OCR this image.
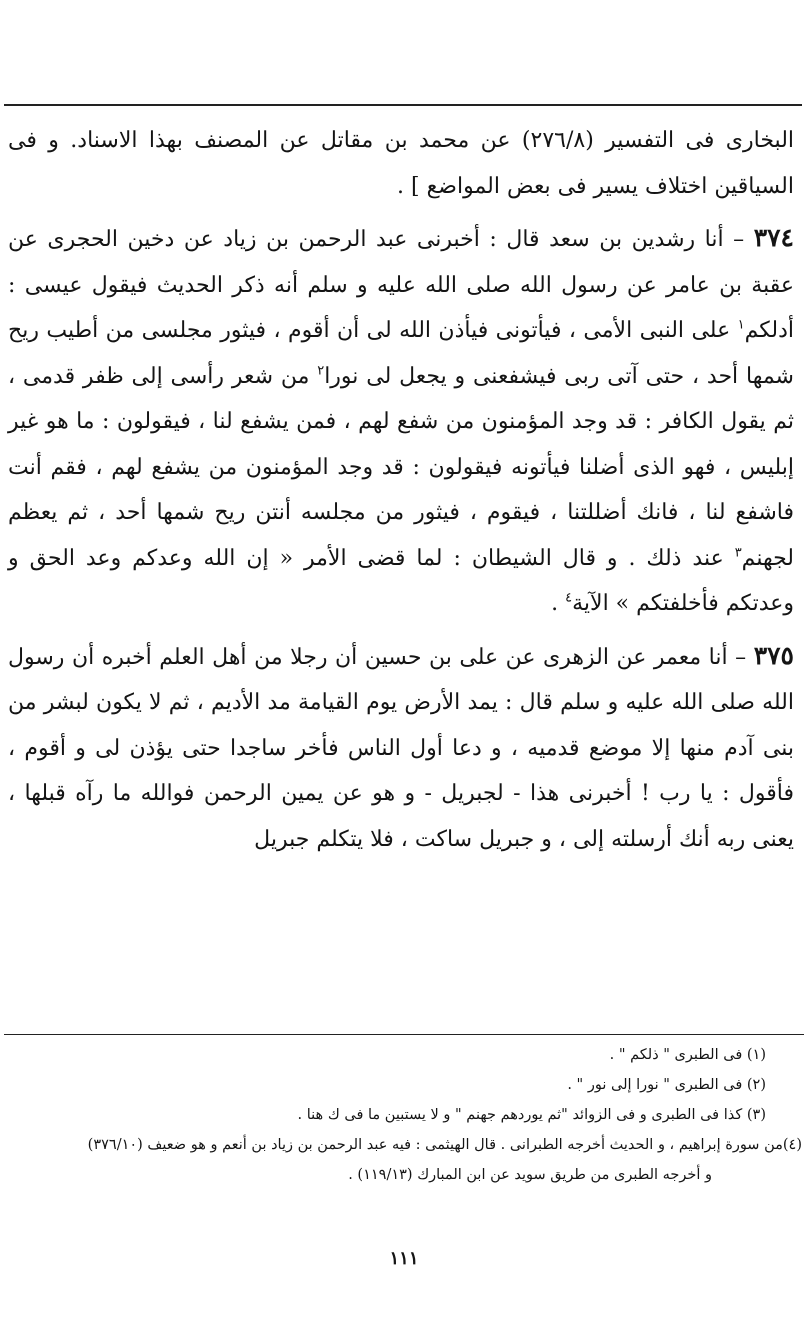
البخارى فى التفسير (٢٧٦/٨) عن محمد بن مقاتل عن المصنف بهذا الاسناد. و فى السياقين اختلاف يسير فى بعض المواضع ] .

٣٧٤ – أنا رشدين بن سعد قال : أخبرنى عبد الرحمن بن زياد عن دخين الحجرى عن عقبة بن عامر عن رسول الله صلى الله عليه و سلم أنه ذكر الحديث فيقول عيسى : أدلكم$^١$ على النبى الأمى ، فيأتونى فيأذن الله لى أن أقوم ، فيثور مجلسى من أطيب ريح شمها أحد ، حتى آتى ربى فيشفعنى و يجعل لى نورا$^٢$ من شعر رأسى إلى ظفر قدمى ، ثم يقول الكافر : قد وجد المؤمنون من شفع لهم ، فمن يشفع لنا ، فيقولون : ما هو غير إبليس ، فهو الذى أضلنا فيأتونه فيقولون : قد وجد المؤمنون من يشفع لهم ، فقم أنت فاشفع لنا ، فانك أضللتنا ، فيقوم ، فيثور من مجلسه أنتن ريح شمها أحد ، ثم يعظم لجهنم$^٣$ عند ذلك . و قال الشيطان : لما قضى الأمر « إن الله وعدكم وعد الحق و وعدتكم فأخلفتكم » الآية$^٤$ .

٣٧٥ – أنا معمر عن الزهرى عن على بن حسين أن رجلا من أهل العلم أخبره أن رسول الله صلى الله عليه و سلم قال : يمد الأرض يوم القيامة مد الأديم ، ثم لا يكون لبشر من بنى آدم منها إلا موضع قدميه ، و دعا أول الناس فأخر ساجدا حتى يؤذن لى و أقوم ، فأقول : يا رب ! أخبرنى هذا - لجبريل - و هو عن يمين الرحمن فوالله ما رآه قبلها ، يعنى ربه أنك أرسلته إلى ، و جبريل ساكت ، فلا يتكلم جبريل

(١) فى الطبرى " ذلكم " .

(٢) فى الطبرى " نورا إلى نور " .

(٣) كذا فى الطبرى و فى الزوائد "ثم يوردهم جهنم " و لا يستبين ما فى ك هنا .

(٤)من سورة إبراهيم ، و الحديث أخرجه الطبرانى . قال الهيثمى : فيه عبد الرحمن بن زياد بن أنعم و هو ضعيف (٣٧٦/١٠)

و أخرجه الطبرى من طريق سويد عن ابن المبارك (١١٩/١٣) .

١١١
